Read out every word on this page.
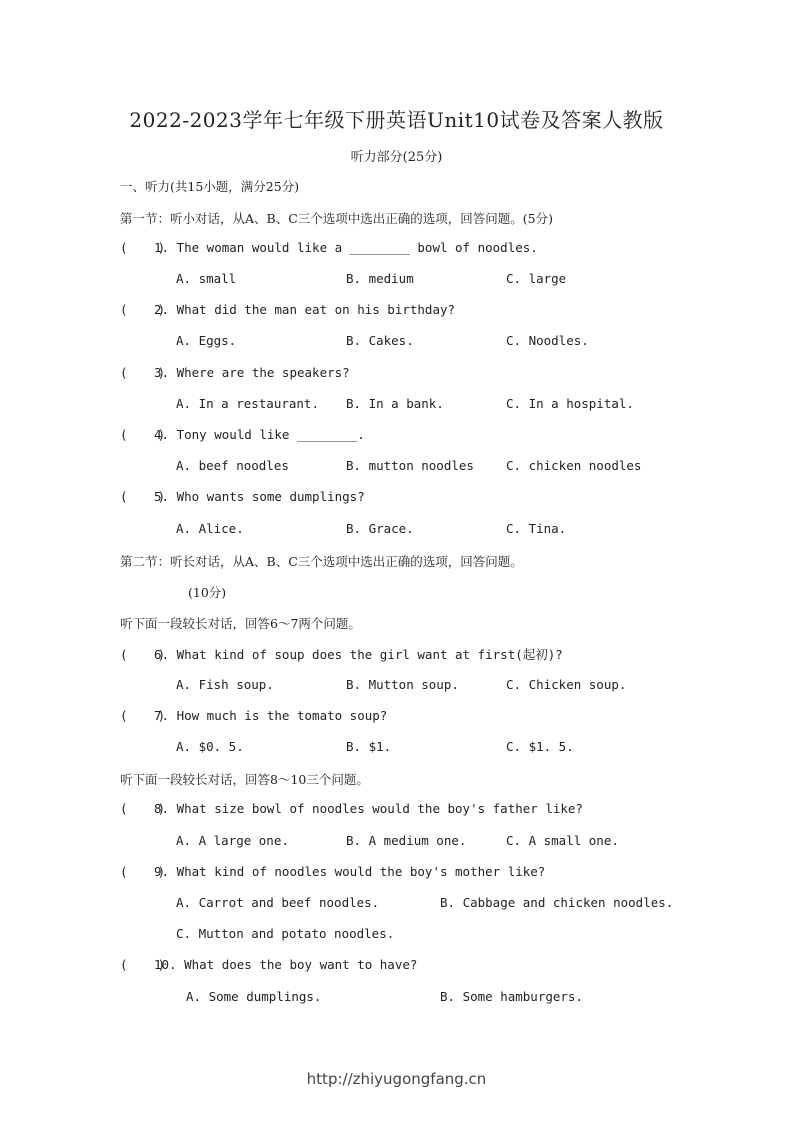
2022-2023学年七年级下册英语Unit10试卷及答案人教版
听力部分(25分)
一、听力(共15小题，满分25分)
第一节：听小对话，从A、B、C三个选项中选出正确的选项，回答问题。(5分)
(    )1. The woman would like a ________ bowl of noodles.
A. small	B. medium	C. large
(    )2. What did the man eat on his birthday?
A. Eggs.	B. Cakes.	C. Noodles.
(    )3. Where are the speakers?
A. In a restaurant. B. In a bank.	C. In a hospital.
(    )4. Tony would like ________.
A. beef noodles	B. mutton noodles	C. chicken noodles
(    )5. Who wants some dumplings?
A. Alice.	B. Grace.	C. Tina.
第二节：听长对话，从A、B、C三个选项中选出正确的选项，回答问题。
(10分)
听下面一段较长对话，回答6～7两个问题。
(    )6. What kind of soup does the girl want at first(起初)?
A. Fish soup.	B. Mutton soup.	C. Chicken soup.
(    )7. How much is the tomato soup?
A. $0. 5.	B. $1.	C. $1. 5.
听下面一段较长对话，回答8～10三个问题。
(    )8. What size bowl of noodles would the boy's father like?
A. A large one.	B. A medium one.	C. A small one.
(    )9. What kind of noodles would the boy's mother like?
A. Carrot and beef noodles.	B. Cabbage and chicken noodles.
C. Mutton and potato noodles.
(    )10. What does the boy want to have?
A. Some dumplings.	B. Some hamburgers.
http://zhiyugongfang.cn
